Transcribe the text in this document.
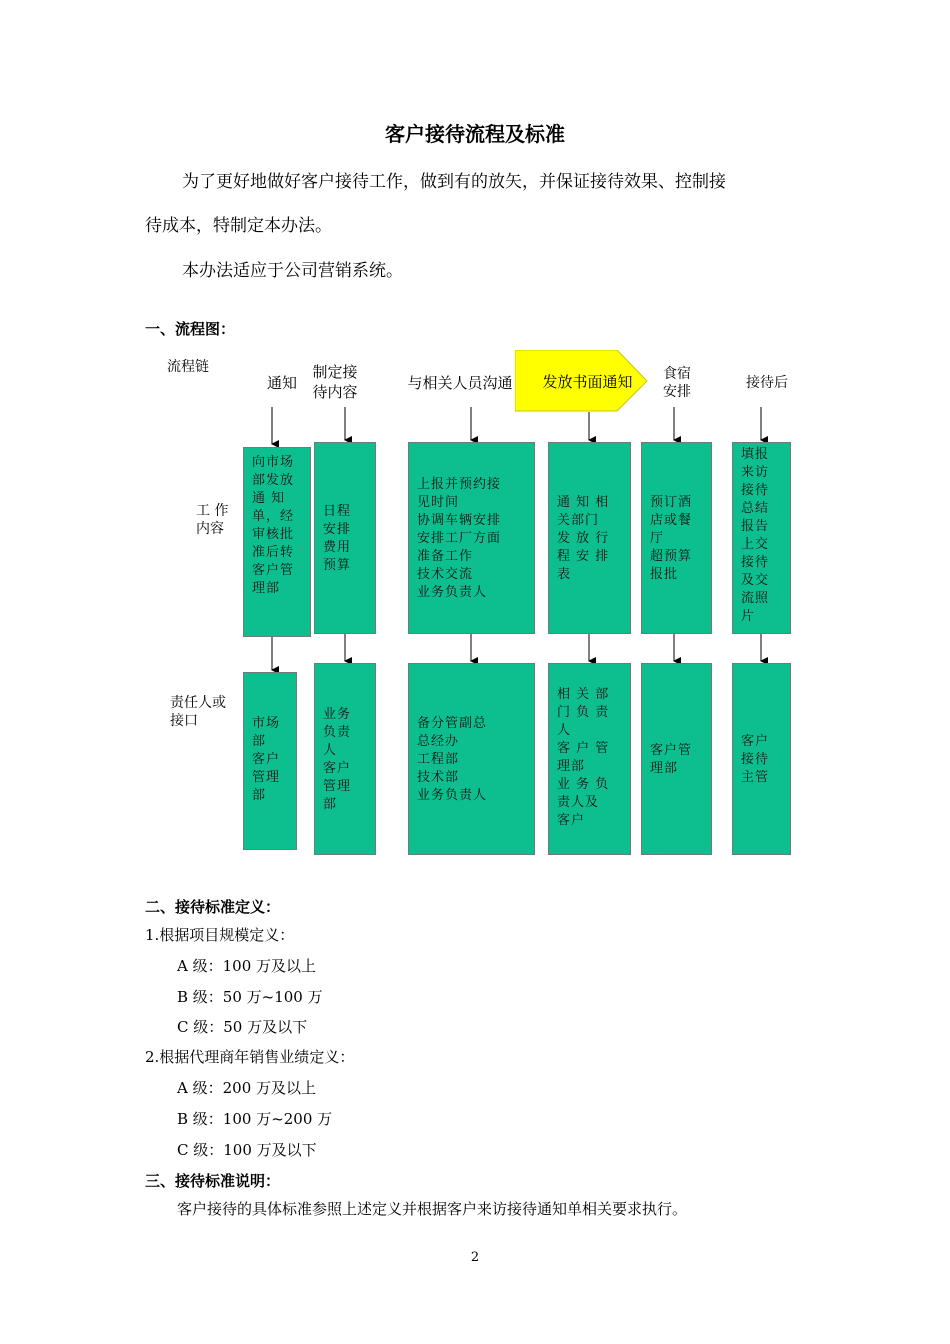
客户接待流程及标准
为了更好地做好客户接待工作，做到有的放矢，并保证接待效果、控制接
待成本，特制定本办法。
本办法适应于公司营销系统。
一、流程图：
流程链
工 作
内容
责任人或
接口
通知
制定接
待内容	与相关人员沟通	发放书面通知	食宿
安排
接待后
向市场
部发放
通 知
单，经
审核批
准后转
客户管
理部
日程
安排
费用
预算
上报并预约接
见时间
协调车辆安排
安排工厂方面
准备工作
技术交流
业务负责人
通 知 相
关部门
发 放 行
程 安 排
表
预订酒
店或餐
厅
超预算
报批
填报
来访
接待
总结
报告
上交
接待
及交
流照
片
市场
部
客户
管理
部
业务
负责
人
客户
管理
部
备分管副总
总经办
工程部
技术部
业务负责人
相 关 部
门 负 责
人
客 户 管
理部
业 务 负
责人及
客户
客户管
理部
客户
接待
主管
二、接待标准定义：
1.根据项目规模定义：
A 级：100 万及以上
B 级：50 万~100 万
C 级：50 万及以下
2.根据代理商年销售业绩定义：
A 级：200 万及以上
B 级：100 万~200 万
C 级：100 万及以下
三、接待标准说明：
客户接待的具体标准参照上述定义并根据客户来访接待通知单相关要求执行。
2
